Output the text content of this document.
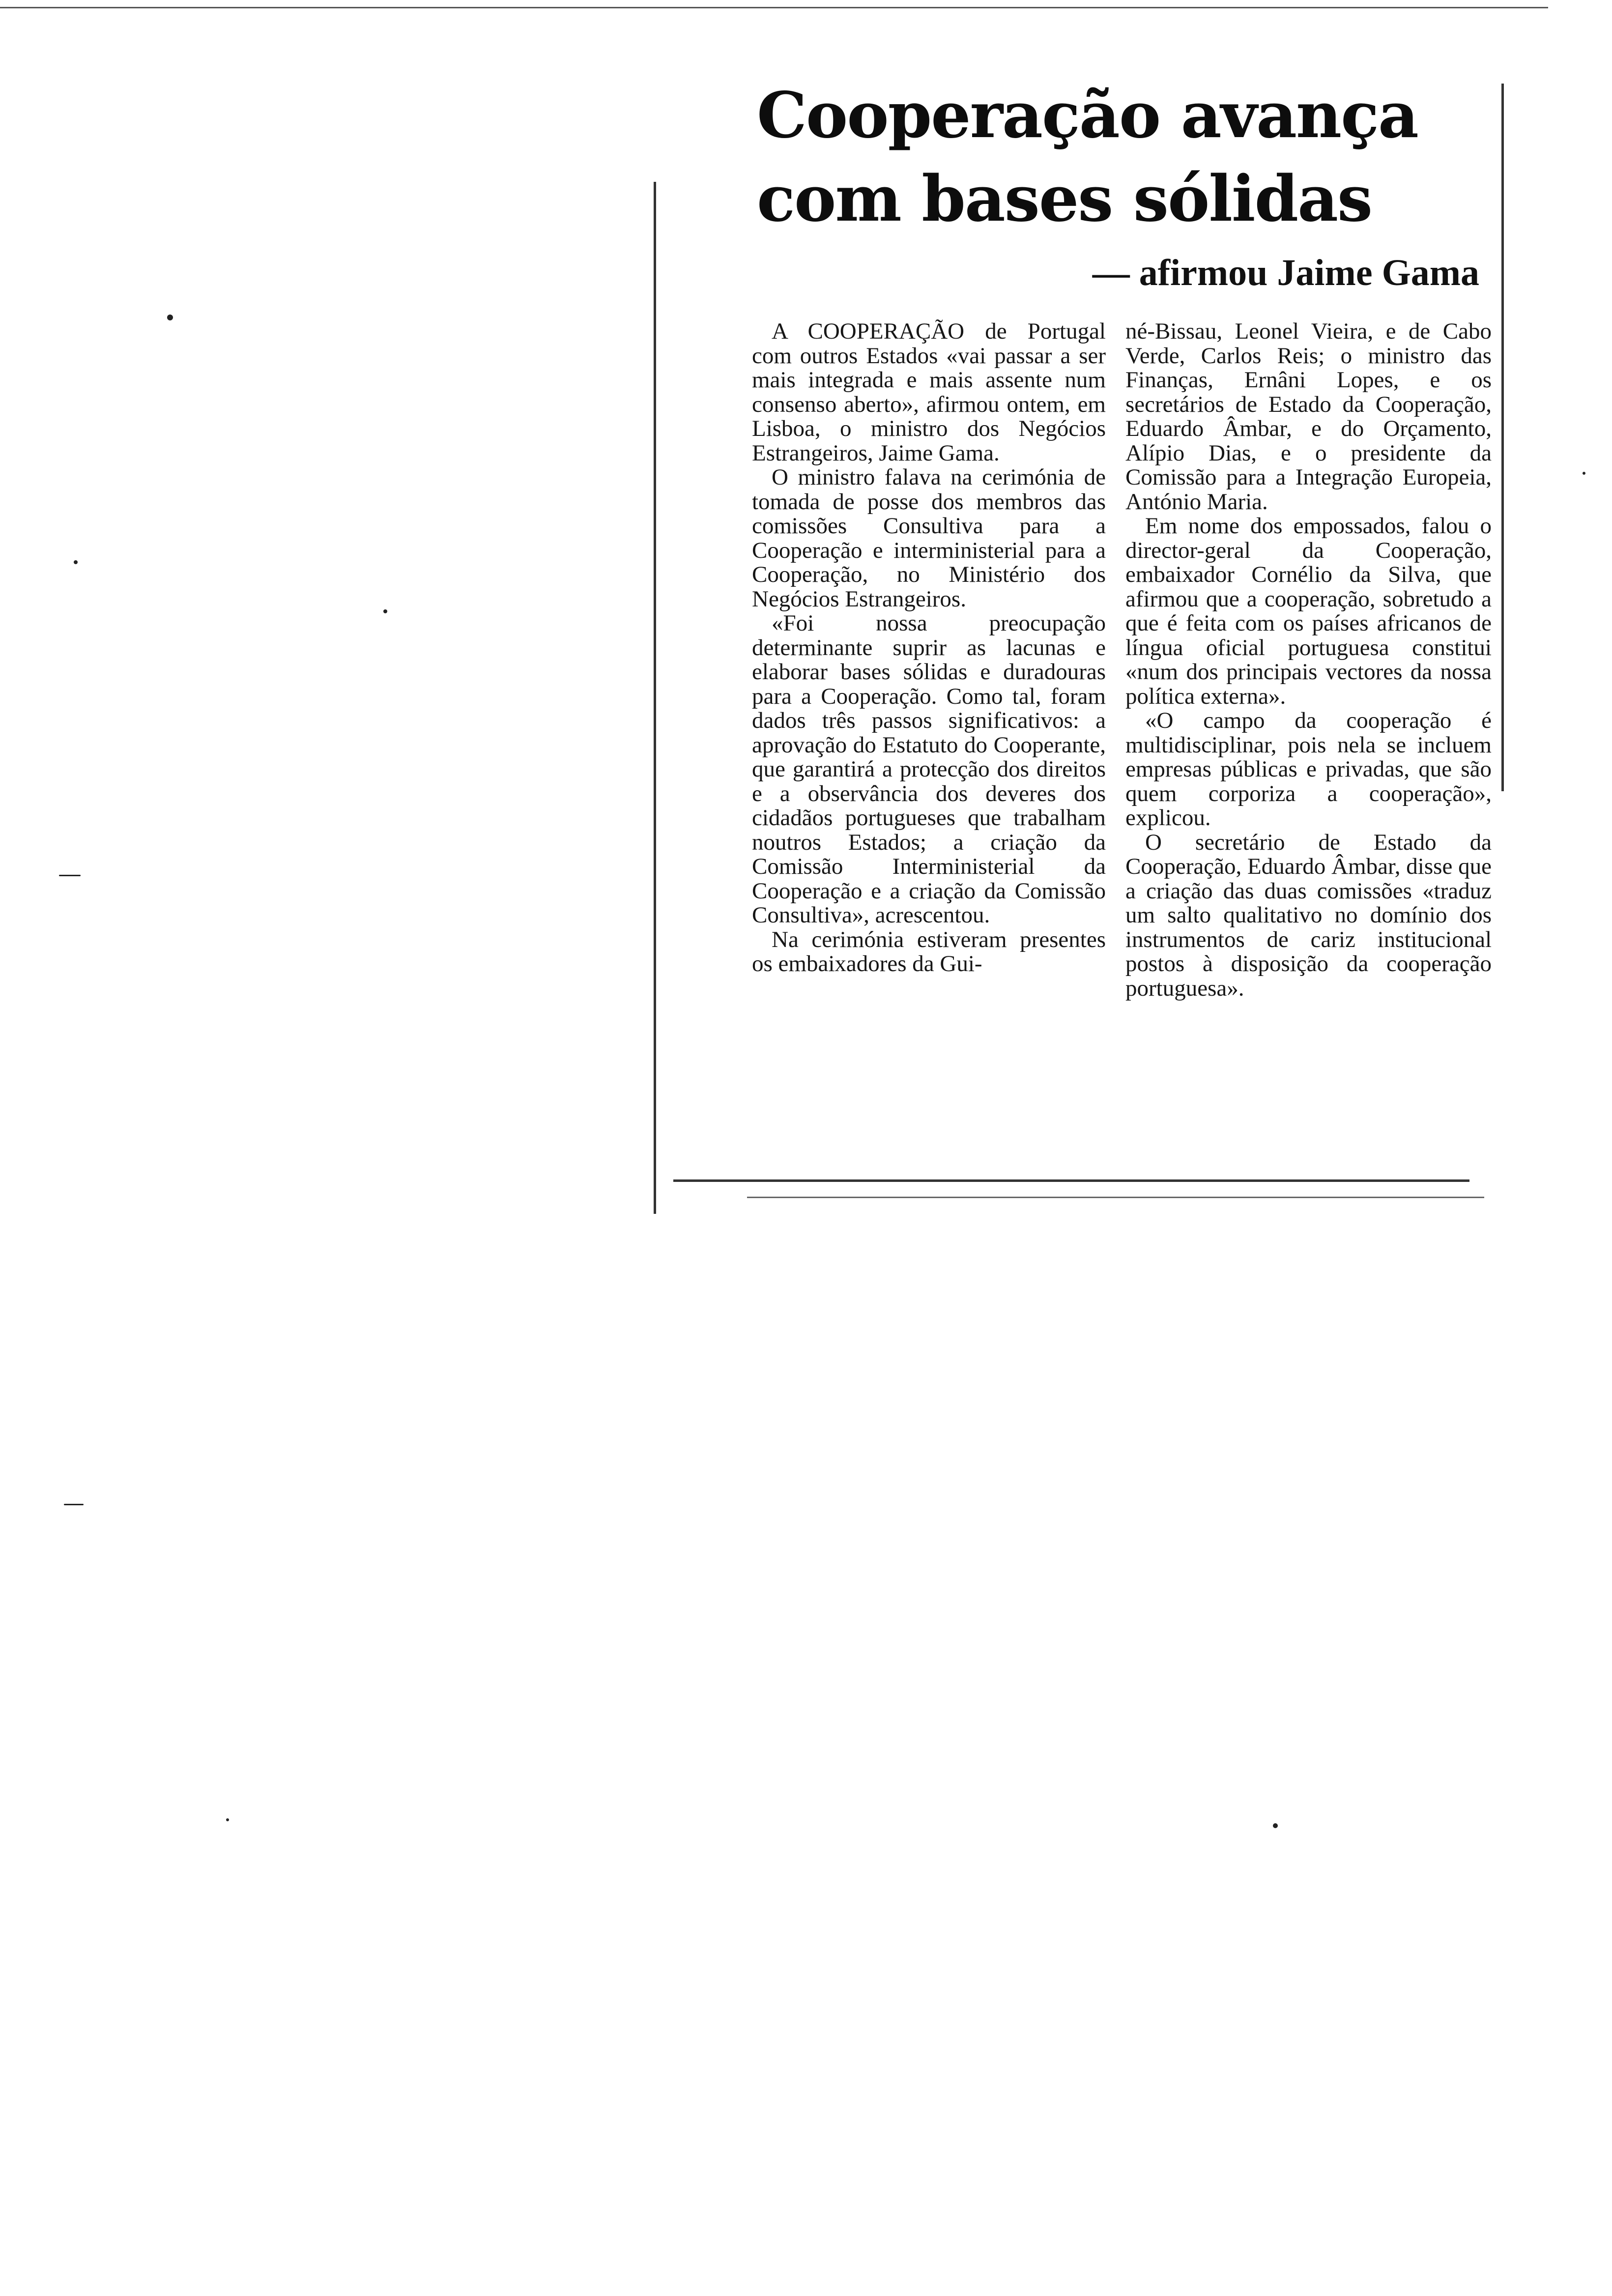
Cooperação avança
com bases sólidas
— afirmou Jaime Gama

A COOPERAÇÃO de Portugal com outros Estados «vai passar a ser mais integrada e mais assente num consenso aberto», afirmou ontem, em Lisboa, o ministro dos Negócios Estrangeiros, Jaime Gama.

O ministro falava na cerimónia de tomada de posse dos membros das comissões Consultiva para a Cooperação e interministerial para a Cooperação, no Ministério dos Negócios Estrangeiros.

«Foi nossa preocupação determinante suprir as lacunas e elaborar bases sólidas e duradouras para a Cooperação. Como tal, foram dados três passos significativos: a aprovação do Estatuto do Cooperante, que garantirá a protecção dos direitos e a observância dos deveres dos cidadãos portugueses que trabalham noutros Estados; a criação da Comissão Interministerial da Cooperação e a criação da Comissão Consultiva», acrescentou.

Na cerimónia estiveram presentes os embaixadores da Gui-

né-Bissau, Leonel Vieira, e de Cabo Verde, Carlos Reis; o ministro das Finanças, Ernâni Lopes, e os secretários de Estado da Cooperação, Eduardo Âmbar, e do Orçamento, Alípio Dias, e o presidente da Comissão para a Integração Europeia, António Maria.

Em nome dos empossados, falou o director-geral da Cooperação, embaixador Cornélio da Silva, que afirmou que a cooperação, sobretudo a que é feita com os países africanos de língua oficial portuguesa constitui «num dos principais vectores da nossa política externa».

«O campo da cooperação é multidisciplinar, pois nela se incluem empresas públicas e privadas, que são quem corporiza a cooperação», explicou.

O secretário de Estado da Cooperação, Eduardo Âmbar, disse que a criação das duas comissões «traduz um salto qualitativo no domínio dos instrumentos de cariz institucional postos à disposição da cooperação portuguesa».
